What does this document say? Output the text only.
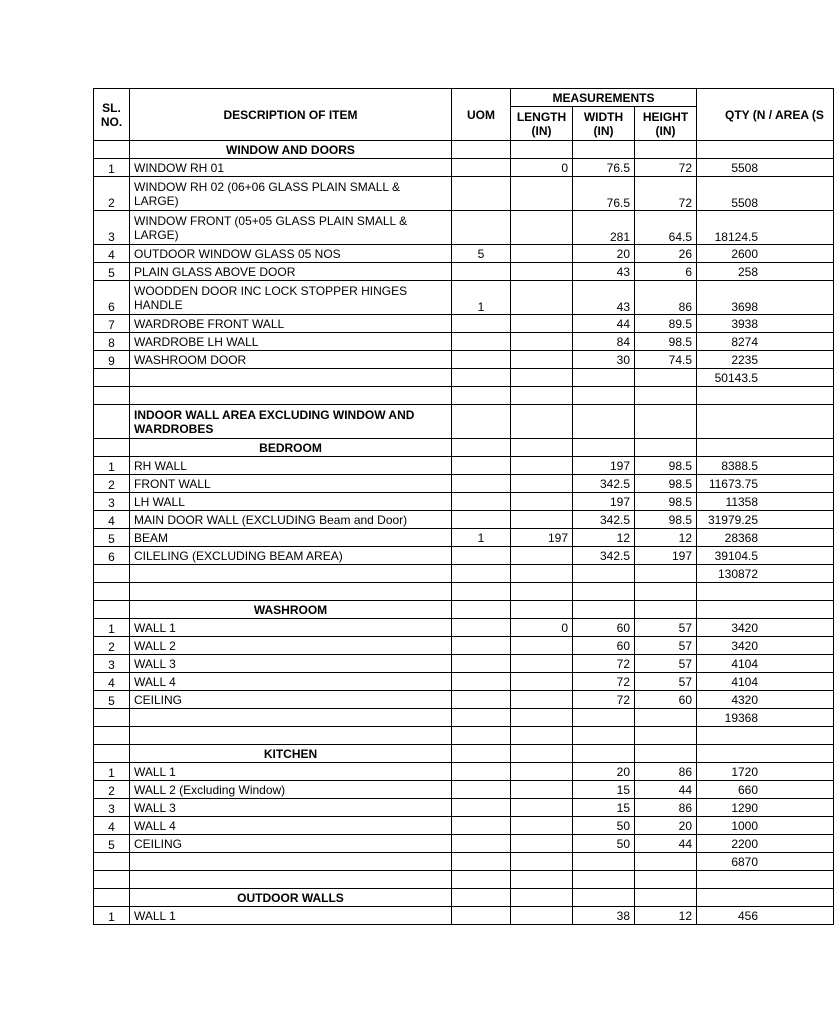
SL. NO.	DESCRIPTION OF ITEM	UOM	MEASUREMENTS			QTY (N / AREA (S
			LENGTH (IN)	WIDTH (IN)	HEIGHT (IN)	

	WINDOW AND DOORS					
1	WINDOW RH 01		0	76.5	72	5508
2	WINDOW RH 02 (06+06 GLASS PLAIN SMALL & LARGE)			76.5	72	5508
3	WINDOW FRONT (05+05 GLASS PLAIN SMALL & LARGE)			281	64.5	18124.5
4	OUTDOOR WINDOW GLASS 05 NOS	5		20	26	2600
5	PLAIN GLASS ABOVE DOOR			43	6	258
6	WOODDEN DOOR INC LOCK STOPPER HINGES HANDLE	1		43	86	3698
7	WARDROBE FRONT WALL			44	89.5	3938
8	WARDROBE LH WALL			84	98.5	8274
9	WASHROOM DOOR			30	74.5	2235
						50143.5

	INDOOR WALL AREA EXCLUDING WINDOW AND WARDROBES					
	BEDROOM					
1	RH WALL			197	98.5	8388.5
2	FRONT WALL			342.5	98.5	11673.75
3	LH WALL			197	98.5	11358
4	MAIN DOOR WALL (EXCLUDING Beam and Door)			342.5	98.5	31979.25
5	BEAM	1	197	12	12	28368
6	CILELING (EXCLUDING BEAM AREA)			342.5	197	39104.5
						130872

	WASHROOM					
1	WALL 1		0	60	57	3420
2	WALL 2			60	57	3420
3	WALL 3			72	57	4104
4	WALL 4			72	57	4104
5	CEILING			72	60	4320
						19368

	KITCHEN					
1	WALL 1			20	86	1720
2	WALL 2 (Excluding Window)			15	44	660
3	WALL 3			15	86	1290
4	WALL 4			50	20	1000
5	CEILING			50	44	2200
						6870

	OUTDOOR WALLS					
1	WALL 1			38	12	456
